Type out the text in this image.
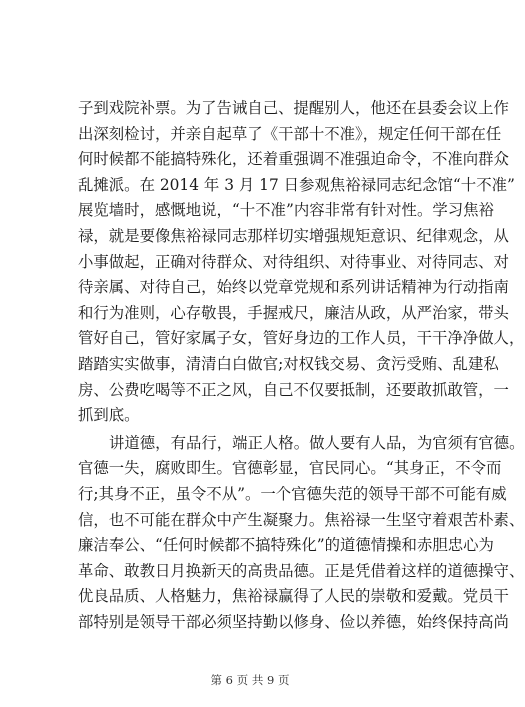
子到戏院补票。为了告诫自己、提醒别人，他还在县委会议上作
出深刻检讨，并亲自起草了《干部十不准》，规定任何干部在任
何时候都不能搞特殊化，还着重强调不准强迫命令，不准向群众
乱摊派。在 2014 年 3 月 17 日参观焦裕禄同志纪念馆“十不准”
展览墙时，感慨地说，“十不准”内容非常有针对性。学习焦裕
禄，就是要像焦裕禄同志那样切实增强规矩意识、纪律观念，从
小事做起，正确对待群众、对待组织、对待事业、对待同志、对
待亲属、对待自己，始终以党章党规和系列讲话精神为行动指南
和行为准则，心存敬畏，手握戒尺，廉洁从政，从严治家，带头
管好自己，管好家属子女，管好身边的工作人员，干干净净做人，
踏踏实实做事，清清白白做官;对权钱交易、贪污受贿、乱建私
房、公费吃喝等不正之风，自己不仅要抵制，还要敢抓敢管，一
抓到底。
讲道德，有品行，端正人格。做人要有人品，为官须有官德。
官德一失，腐败即生。官德彰显，官民同心。“其身正，不令而
行;其身不正，虽令不从”。一个官德失范的领导干部不可能有威
信，也不可能在群众中产生凝聚力。焦裕禄一生坚守着艰苦朴素、
廉洁奉公、“任何时候都不搞特殊化”的道德情操和赤胆忠心为
革命、敢教日月换新天的高贵品德。正是凭借着这样的道德操守、
优良品质、人格魅力，焦裕禄赢得了人民的崇敬和爱戴。党员干
部特别是领导干部必须坚持勤以修身、俭以养德，始终保持高尚
第 6 页 共 9 页
